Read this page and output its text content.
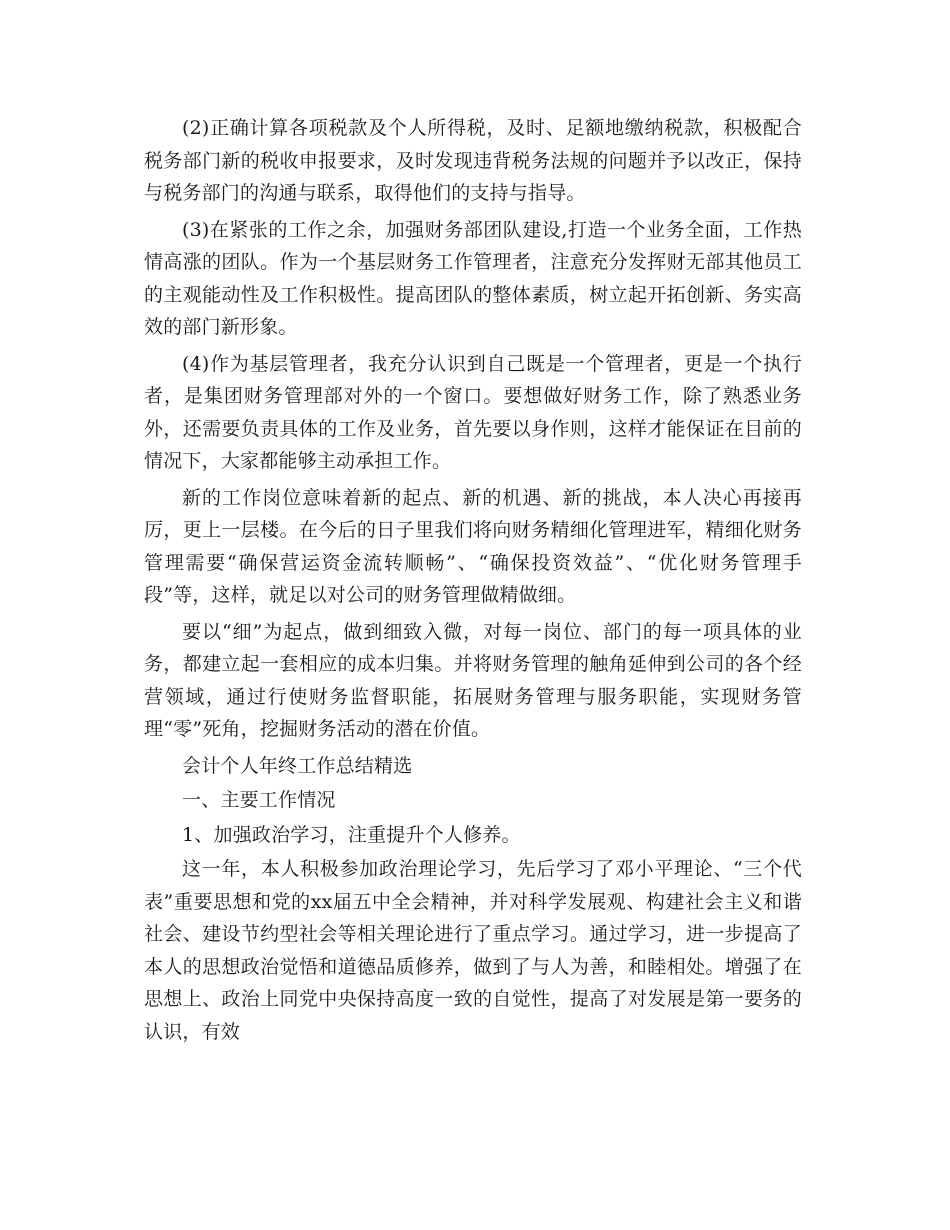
(2)正确计算各项税款及个人所得税，及时、足额地缴纳税款，积极配合税务部门新的税收申报要求，及时发现违背税务法规的问题并予以改正，保持与税务部门的沟通与联系，取得他们的支持与指导。

(3)在紧张的工作之余，加强财务部团队建设,打造一个业务全面，工作热情高涨的团队。作为一个基层财务工作管理者，注意充分发挥财无部其他员工的主观能动性及工作积极性。提高团队的整体素质，树立起开拓创新、务实高效的部门新形象。

(4)作为基层管理者，我充分认识到自己既是一个管理者，更是一个执行者，是集团财务管理部对外的一个窗口。要想做好财务工作，除了熟悉业务外，还需要负责具体的工作及业务，首先要以身作则，这样才能保证在目前的情况下，大家都能够主动承担工作。

新的工作岗位意味着新的起点、新的机遇、新的挑战，本人决心再接再厉，更上一层楼。在今后的日子里我们将向财务精细化管理进军，精细化财务管理需要“确保营运资金流转顺畅”、“确保投资效益”、“优化财务管理手段”等，这样，就足以对公司的财务管理做精做细。

要以“细”为起点，做到细致入微，对每一岗位、部门的每一项具体的业务，都建立起一套相应的成本归集。并将财务管理的触角延伸到公司的各个经营领域，通过行使财务监督职能，拓展财务管理与服务职能，实现财务管理“零”死角，挖掘财务活动的潜在价值。

会计个人年终工作总结精选

一、主要工作情况

1、加强政治学习，注重提升个人修养。

这一年，本人积极参加政治理论学习，先后学习了邓小平理论、“三个代表”重要思想和党的xx届五中全会精神，并对科学发展观、构建社会主义和谐社会、建设节约型社会等相关理论进行了重点学习。通过学习，进一步提高了本人的思想政治觉悟和道德品质修养，做到了与人为善，和睦相处。增强了在思想上、政治上同党中央保持高度一致的自觉性，提高了对发展是第一要务的认识，有效
